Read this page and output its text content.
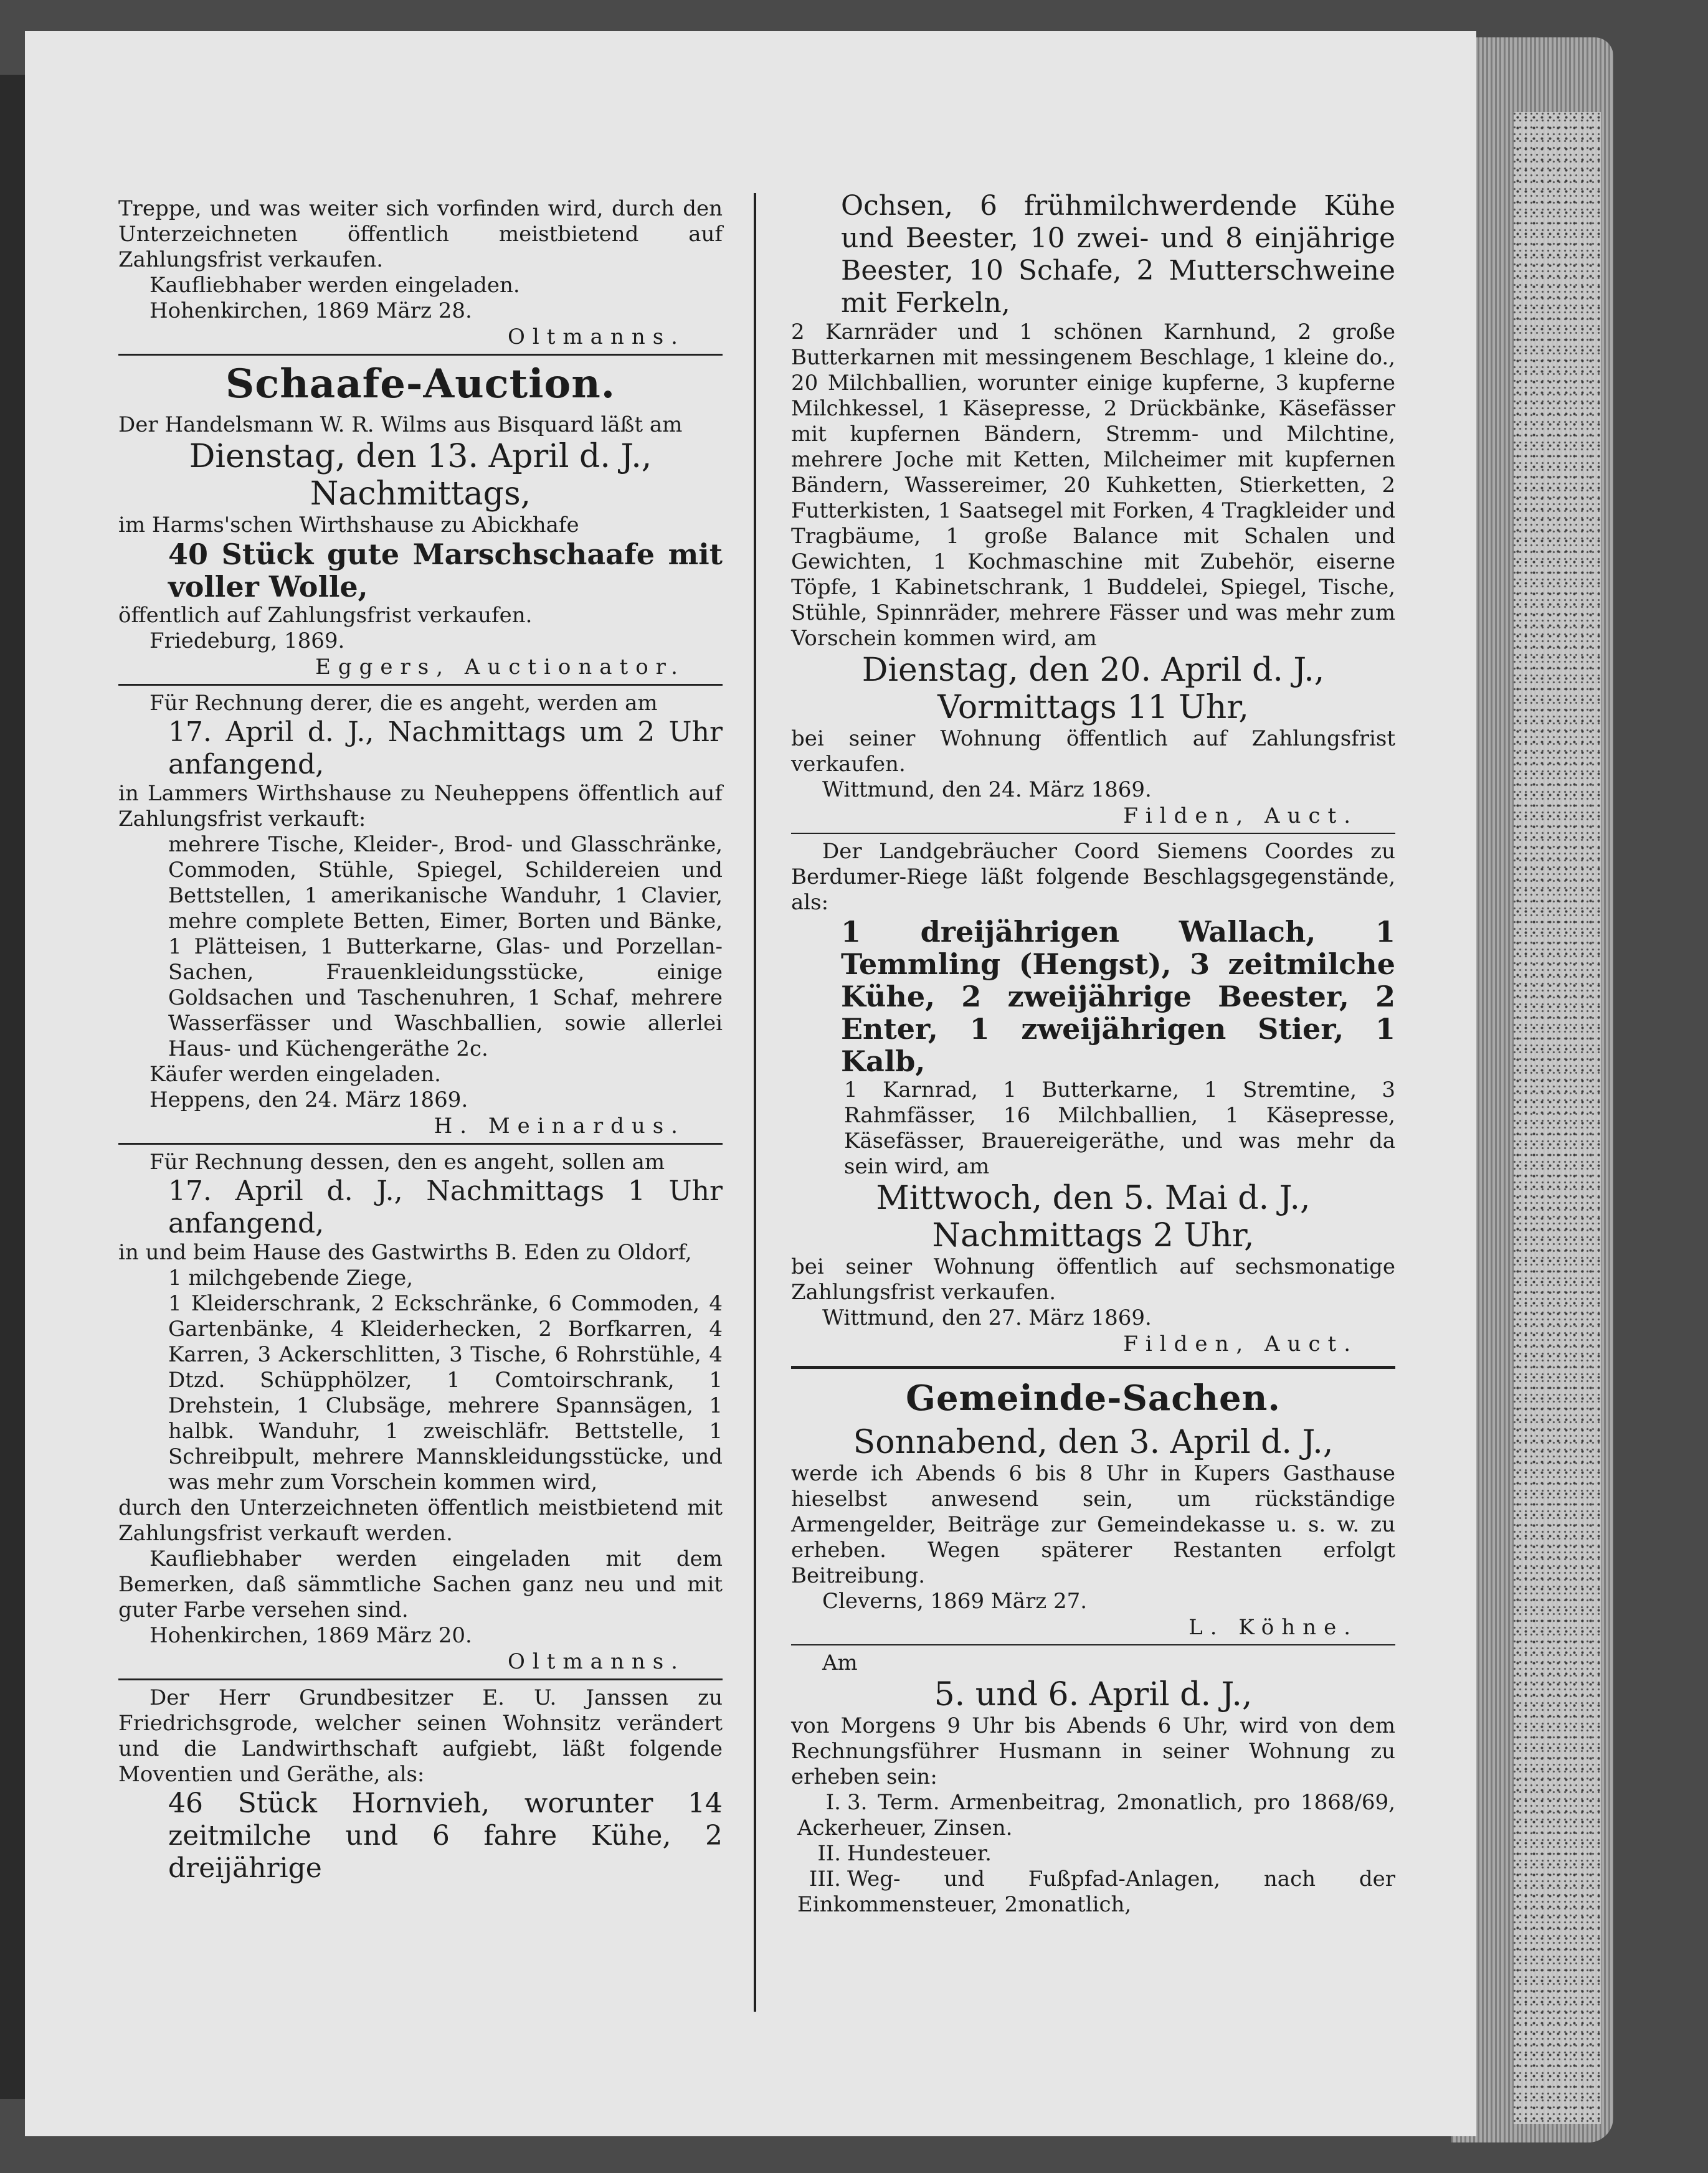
Treppe, und was weiter sich vorfinden wird, durch den Unterzeichneten öffentlich meistbietend auf Zahlungsfrist verkaufen.

Kaufliebhaber werden eingeladen.

Hohenkirchen, 1869 März 28.

Oltmanns.

Schaafe-Auction.

Der Handelsmann W. R. Wilms aus Bisquard läßt am

Dienstag, den 13. April d. J.,

Nachmittags,

im Harms'schen Wirthshause zu Abickhafe

40 Stück gute Marschschaafe mit voller Wolle,

öffentlich auf Zahlungsfrist verkaufen.

Friedeburg, 1869.

Eggers, Auctionator.

Für Rechnung derer, die es angeht, werden am

17. April d. J., Nachmittags um 2 Uhr anfangend,

in Lammers Wirthshause zu Neuheppens öffentlich auf Zahlungsfrist verkauft:

mehrere Tische, Kleider-, Brod- und Glasschränke, Commoden, Stühle, Spiegel, Schildereien und Bettstellen, 1 amerikanische Wanduhr, 1 Clavier, mehre complete Betten, Eimer, Borten und Bänke, 1 Plätteisen, 1 Butterkarne, Glas- und Porzellan-Sachen, Frauenkleidungsstücke, einige Goldsachen und Taschenuhren, 1 Schaf, mehrere Wasserfässer und Waschballien, sowie allerlei Haus- und Küchengeräthe 2c.

Käufer werden eingeladen.

Heppens, den 24. März 1869.

H. Meinardus.

Für Rechnung dessen, den es angeht, sollen am

17. April d. J., Nachmittags 1 Uhr anfangend,

in und beim Hause des Gastwirths B. Eden zu Oldorf,

1 milchgebende Ziege,

1 Kleiderschrank, 2 Eckschränke, 6 Commoden, 4 Gartenbänke, 4 Kleiderhecken, 2 Borfkarren, 4 Karren, 3 Ackerschlitten, 3 Tische, 6 Rohrstühle, 4 Dtzd. Schüpphölzer, 1 Comtoirschrank, 1 Drehstein, 1 Clubsäge, mehrere Spannsägen, 1 halbk. Wanduhr, 1 zweischläfr. Bettstelle, 1 Schreibpult, mehrere Mannskleidungsstücke, und was mehr zum Vorschein kommen wird,

durch den Unterzeichneten öffentlich meistbietend mit Zahlungsfrist verkauft werden.

Kaufliebhaber werden eingeladen mit dem Bemerken, daß sämmtliche Sachen ganz neu und mit guter Farbe versehen sind.

Hohenkirchen, 1869 März 20.

Oltmanns.

Der Herr Grundbesitzer E. U. Janssen zu Friedrichsgrode, welcher seinen Wohnsitz verändert und die Landwirthschaft aufgiebt, läßt folgende Moventien und Geräthe, als:

46 Stück Hornvieh, worunter 14 zeitmilche und 6 fahre Kühe, 2 dreijährige

Ochsen, 6 frühmilchwerdende Kühe und Beester, 10 zwei- und 8 einjährige Beester, 10 Schafe, 2 Mutterschweine mit Ferkeln,

2 Karnräder und 1 schönen Karnhund, 2 große Butterkarnen mit messingenem Beschlage, 1 kleine do., 20 Milchballien, worunter einige kupferne, 3 kupferne Milchkessel, 1 Käsepresse, 2 Drückbänke, Käsefässer mit kupfernen Bändern, Stremm- und Milchtine, mehrere Joche mit Ketten, Milcheimer mit kupfernen Bändern, Wassereimer, 20 Kuhketten, Stierketten, 2 Futterkisten, 1 Saatsegel mit Forken, 4 Tragkleider und Tragbäume, 1 große Balance mit Schalen und Gewichten, 1 Kochmaschine mit Zubehör, eiserne Töpfe, 1 Kabinetschrank, 1 Buddelei, Spiegel, Tische, Stühle, Spinnräder, mehrere Fässer und was mehr zum Vorschein kommen wird, am

Dienstag, den 20. April d. J.,

Vormittags 11 Uhr,

bei seiner Wohnung öffentlich auf Zahlungsfrist verkaufen.

Wittmund, den 24. März 1869.

Filden, Auct.

Der Landgebräucher Coord Siemens Coordes zu Berdumer-Riege läßt folgende Beschlagsgegenstände, als:

1 dreijährigen Wallach, 1 Temmling (Hengst), 3 zeitmilche Kühe, 2 zweijährige Beester, 2 Enter, 1 zweijährigen Stier, 1 Kalb,

1 Karnrad, 1 Butterkarne, 1 Stremtine, 3 Rahmfässer, 16 Milchballien, 1 Käsepresse, Käsefässer, Brauereigeräthe, und was mehr da sein wird, am

Mittwoch, den 5. Mai d. J.,

Nachmittags 2 Uhr,

bei seiner Wohnung öffentlich auf sechsmonatige Zahlungsfrist verkaufen.

Wittmund, den 27. März 1869.

Filden, Auct.

Gemeinde-Sachen.

Sonnabend, den 3. April d. J.,

werde ich Abends 6 bis 8 Uhr in Kupers Gasthause hieselbst anwesend sein, um rückständige Armengelder, Beiträge zur Gemeindekasse u. s. w. zu erheben. Wegen späterer Restanten erfolgt Beitreibung.

Cleverns, 1869 März 27.

L. Köhne.

Am

5. und 6. April d. J.,

von Morgens 9 Uhr bis Abends 6 Uhr, wird von dem Rechnungsführer Husmann in seiner Wohnung zu erheben sein:

I. 3. Term. Armenbeitrag, 2monatlich, pro 1868/69, Ackerheuer, Zinsen.

II. Hundesteuer.

III. Weg- und Fußpfad-Anlagen, nach der Einkommensteuer, 2monatlich,
